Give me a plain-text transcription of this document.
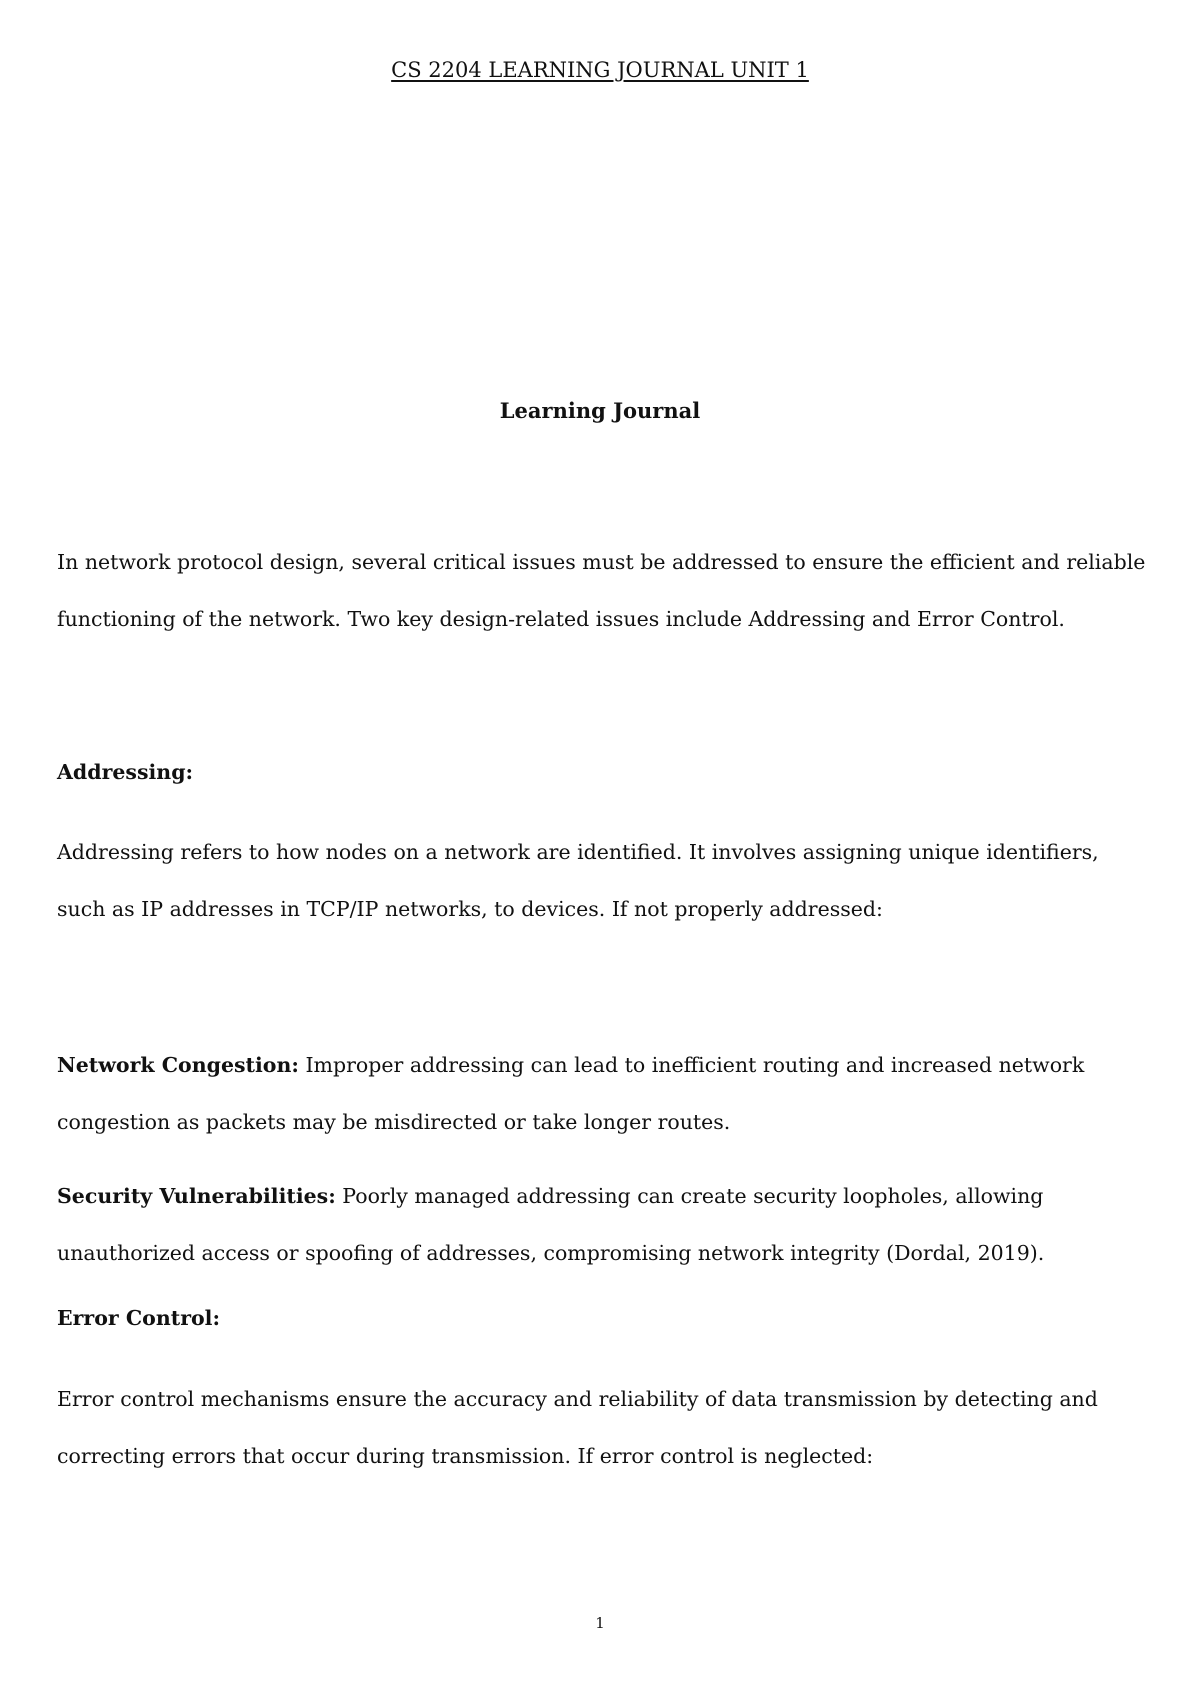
CS 2204 LEARNING JOURNAL UNIT 1

Learning Journal

In network protocol design, several critical issues must be addressed to ensure the efficient and reliable functioning of the network. Two key design-related issues include Addressing and Error Control.

Addressing:

Addressing refers to how nodes on a network are identified. It involves assigning unique identifiers, such as IP addresses in TCP/IP networks, to devices. If not properly addressed:

Network Congestion: Improper addressing can lead to inefficient routing and increased network congestion as packets may be misdirected or take longer routes.

Security Vulnerabilities: Poorly managed addressing can create security loopholes, allowing unauthorized access or spoofing of addresses, compromising network integrity (Dordal, 2019).

Error Control:

Error control mechanisms ensure the accuracy and reliability of data transmission by detecting and correcting errors that occur during transmission. If error control is neglected:

1
